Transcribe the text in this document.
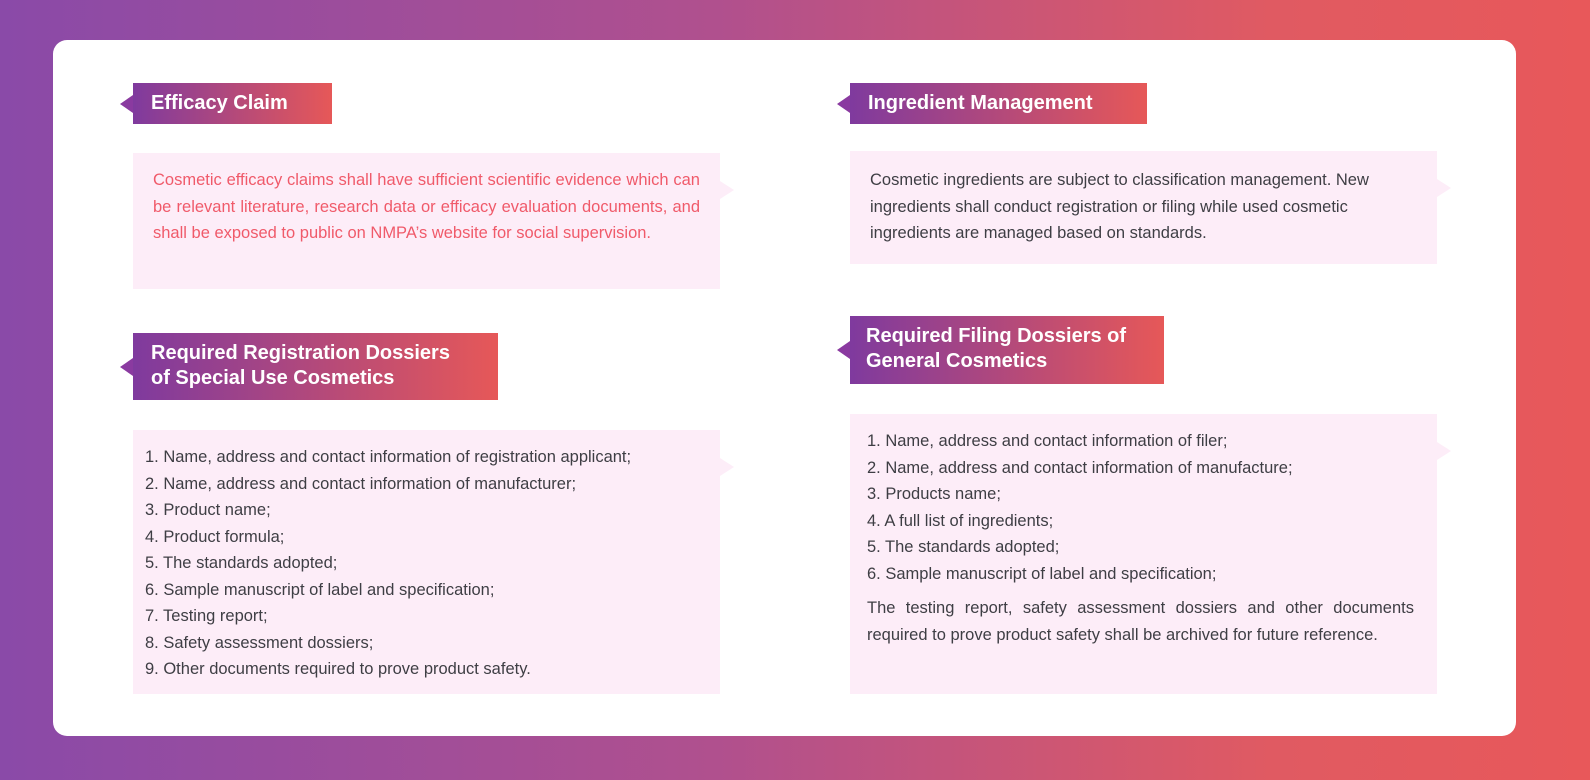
Efficacy Claim
Cosmetic efficacy claims shall have sufficient scientific evidence which can be relevant literature, research data or efficacy evaluation documents, and shall be exposed to public on NMPA’s website for social supervision.
Ingredient Management
Cosmetic ingredients are subject to classification management. New ingredients shall conduct registration or filing while used cosmetic ingredients are managed based on standards.
Required Registration Dossiers
of Special Use Cosmetics
1. Name, address and contact information of registration applicant;
2. Name, address and contact information of manufacturer;
3. Product name;
4. Product formula;
5. The standards adopted;
6. Sample manuscript of label and specification;
7. Testing report;
8. Safety assessment dossiers;
9. Other documents required to prove product safety.
Required Filing Dossiers of
General Cosmetics
1. Name, address and contact information of filer;
2. Name, address and contact information of manufacture;
3. Products name;
4. A full list of ingredients;
5. The standards adopted;
6. Sample manuscript of label and specification;
The testing report, safety assessment dossiers and other documents required to prove product safety shall be archived for future reference.
